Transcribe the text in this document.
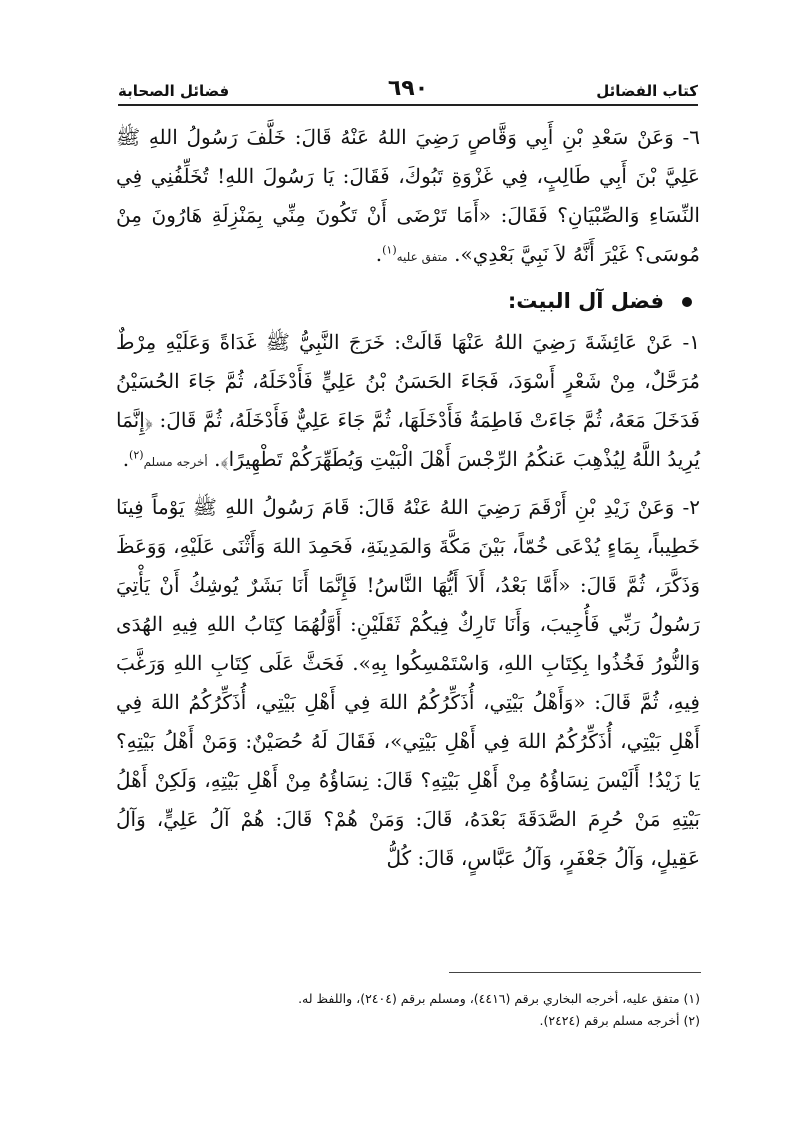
كتاب الفضائل
٦٩٠
فضائل الصحابة

٦- وَعَنْ سَعْدِ بْنِ أَبِي وَقَّاصٍ رَضِيَ اللهُ عَنْهُ قَالَ: خَلَّفَ رَسُولُ اللهِ ﷺ عَلِيَّ بْنَ أَبِي طَالِبٍ، فِي غَزْوَةِ تَبُوكَ، فَقَالَ: يَا رَسُولَ اللهِ! تُخَلِّفُنِي فِي النِّسَاءِ وَالصِّبْيَانِ؟ فَقَالَ: «أَمَا تَرْضَى أَنْ تَكُونَ مِنِّي بِمَنْزِلَةِ هَارُونَ مِنْ مُوسَى؟ غَيْرَ أَنَّهُ لاَ نَبِيَّ بَعْدِي». متفق عليه$^{(١)}$.

فضل آل البيت:

١- عَنْ عَائِشَةَ رَضِيَ اللهُ عَنْهَا قَالَتْ: خَرَجَ النَّبِيُّ ﷺ غَدَاةً وَعَلَيْهِ مِرْطٌ مُرَحَّلٌ، مِنْ شَعْرٍ أَسْوَدَ، فَجَاءَ الحَسَنُ بْنُ عَلِيٍّ فَأَدْخَلَهُ، ثُمَّ جَاءَ الحُسَيْنُ فَدَخَلَ مَعَهُ، ثُمَّ جَاءَتْ فَاطِمَةُ فَأَدْخَلَهَا، ثُمَّ جَاءَ عَلِيٌّ فَأَدْخَلَهُ، ثُمَّ قَالَ: ﴿إِنَّمَا يُرِيدُ اللَّهُ لِيُذْهِبَ عَنكُمُ الرِّجْسَ أَهْلَ الْبَيْتِ وَيُطَهِّرَكُمْ تَطْهِيرًا﴾. أخرجه مسلم$^{(٢)}$.

٢- وَعَنْ زَيْدِ بْنِ أَرْقَمَ رَضِيَ اللهُ عَنْهُ قَالَ: قَامَ رَسُولُ اللهِ ﷺ يَوْماً فِينَا خَطِيباً، بِمَاءٍ يُدْعَى خُمّاً، بَيْنَ مَكَّةَ وَالمَدِينَةِ، فَحَمِدَ اللهَ وَأَثْنَى عَلَيْهِ، وَوَعَظَ وَذَكَّرَ، ثُمَّ قَالَ: «أَمَّا بَعْدُ، أَلاَ أَيُّهَا النَّاسُ! فَإِنَّمَا أَنَا بَشَرٌ يُوشِكُ أَنْ يَأْتِيَ رَسُولُ رَبِّي فَأُجِيبَ، وَأَنَا تَارِكٌ فِيكُمْ ثَقَلَيْنِ: أَوَّلُهُمَا كِتَابُ اللهِ فِيهِ الهُدَى وَالنُّورُ فَخُذُوا بِكِتَابِ اللهِ، وَاسْتَمْسِكُوا بِهِ». فَحَثَّ عَلَى كِتَابِ اللهِ وَرَغَّبَ فِيهِ، ثُمَّ قَالَ: «وَأَهْلُ بَيْتِي، أُذَكِّرُكُمُ اللهَ فِي أَهْلِ بَيْتِي، أُذَكِّرُكُمُ اللهَ فِي أَهْلِ بَيْتِي، أُذَكِّرُكُمُ اللهَ فِي أَهْلِ بَيْتِي»، فَقَالَ لَهُ حُصَيْنٌ: وَمَنْ أَهْلُ بَيْتِهِ؟ يَا زَيْدُ! أَلَيْسَ نِسَاؤُهُ مِنْ أَهْلِ بَيْتِهِ؟ قَالَ: نِسَاؤُهُ مِنْ أَهْلِ بَيْتِهِ، وَلَكِنْ أَهْلُ بَيْتِهِ مَنْ حُرِمَ الصَّدَقَةَ بَعْدَهُ، قَالَ: وَمَنْ هُمْ؟ قَالَ: هُمْ آلُ عَلِيٍّ، وَآلُ عَقِيلٍ، وَآلُ جَعْفَرٍ، وَآلُ عَبَّاسٍ، قَالَ: كُلُّ

(١) متفق عليه، أخرجه البخاري برقم (٤٤١٦)، ومسلم برقم (٢٤٠٤)، واللفظ له.
(٢) أخرجه مسلم برقم (٢٤٢٤).
